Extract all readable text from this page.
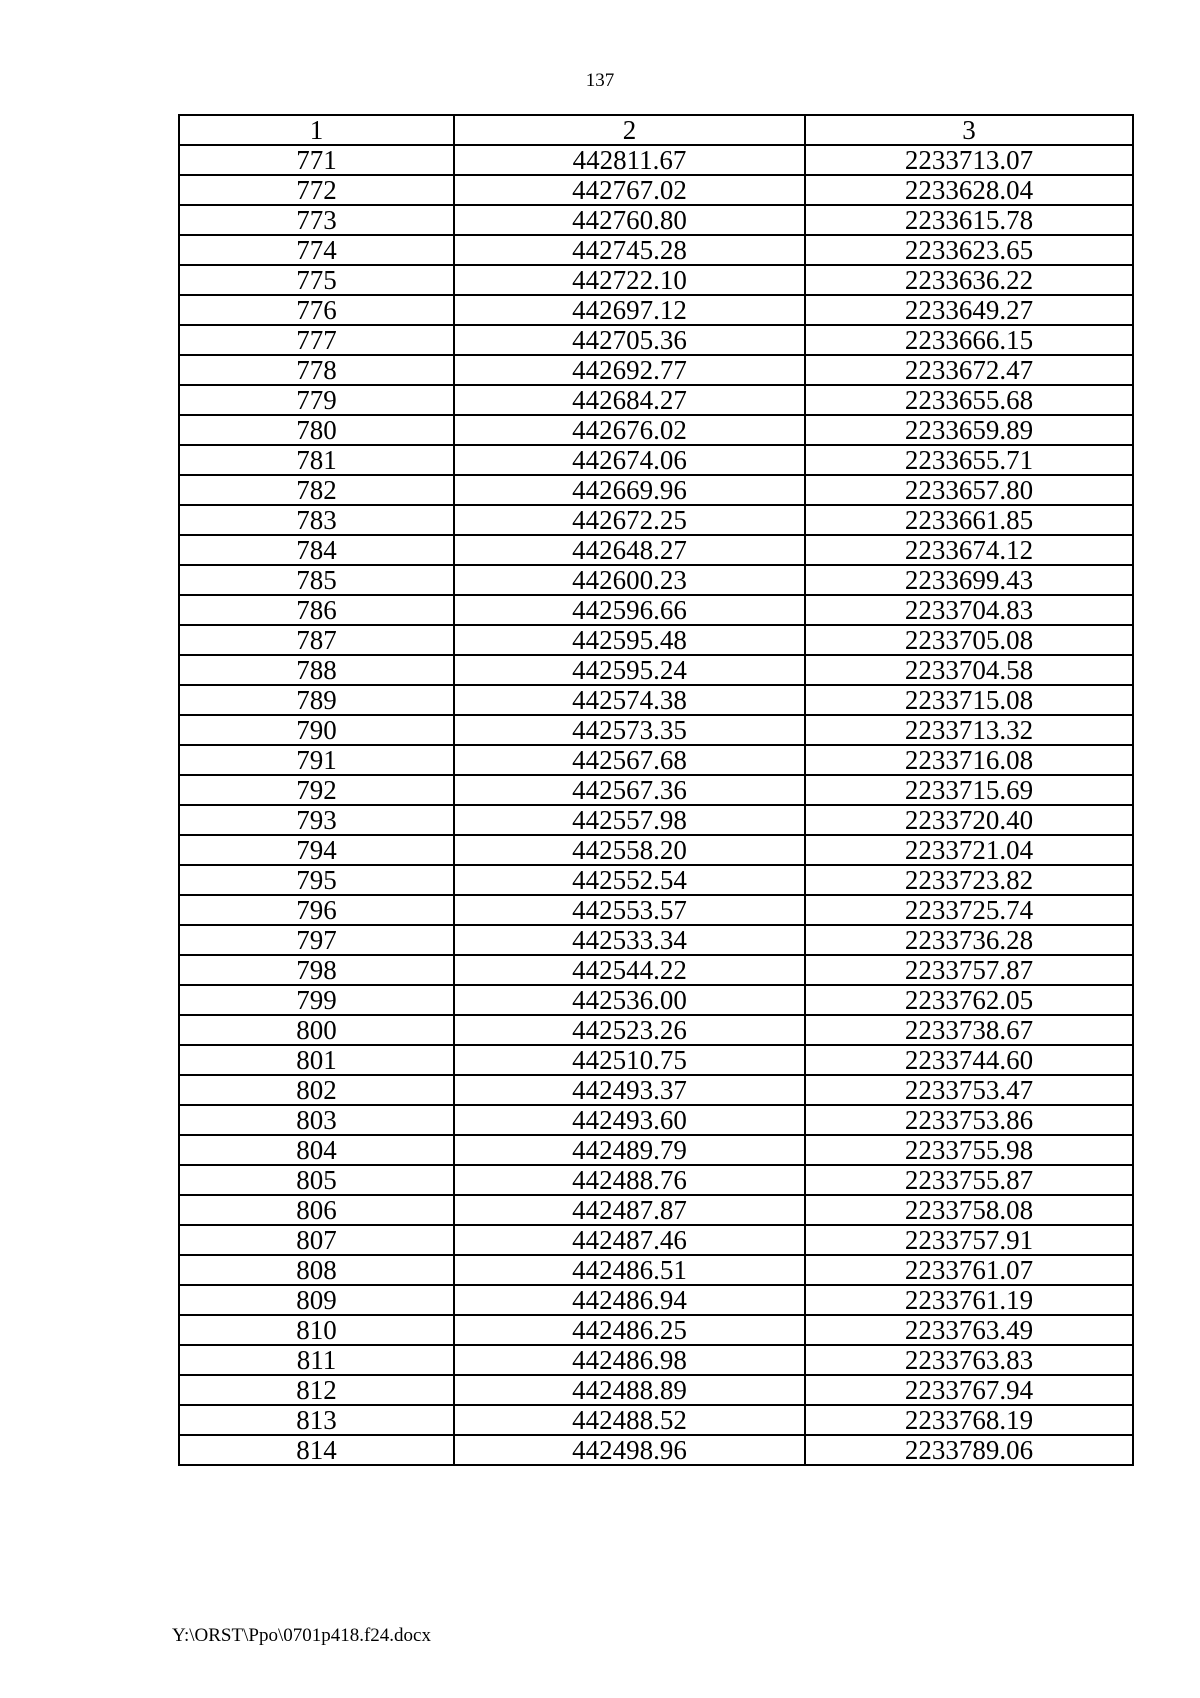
137
1	2	3
771	442811.67	2233713.07
772	442767.02	2233628.04
773	442760.80	2233615.78
774	442745.28	2233623.65
775	442722.10	2233636.22
776	442697.12	2233649.27
777	442705.36	2233666.15
778	442692.77	2233672.47
779	442684.27	2233655.68
780	442676.02	2233659.89
781	442674.06	2233655.71
782	442669.96	2233657.80
783	442672.25	2233661.85
784	442648.27	2233674.12
785	442600.23	2233699.43
786	442596.66	2233704.83
787	442595.48	2233705.08
788	442595.24	2233704.58
789	442574.38	2233715.08
790	442573.35	2233713.32
791	442567.68	2233716.08
792	442567.36	2233715.69
793	442557.98	2233720.40
794	442558.20	2233721.04
795	442552.54	2233723.82
796	442553.57	2233725.74
797	442533.34	2233736.28
798	442544.22	2233757.87
799	442536.00	2233762.05
800	442523.26	2233738.67
801	442510.75	2233744.60
802	442493.37	2233753.47
803	442493.60	2233753.86
804	442489.79	2233755.98
805	442488.76	2233755.87
806	442487.87	2233758.08
807	442487.46	2233757.91
808	442486.51	2233761.07
809	442486.94	2233761.19
810	442486.25	2233763.49
811	442486.98	2233763.83
812	442488.89	2233767.94
813	442488.52	2233768.19
814	442498.96	2233789.06
Y:\ORST\Ppo\0701p418.f24.docx
